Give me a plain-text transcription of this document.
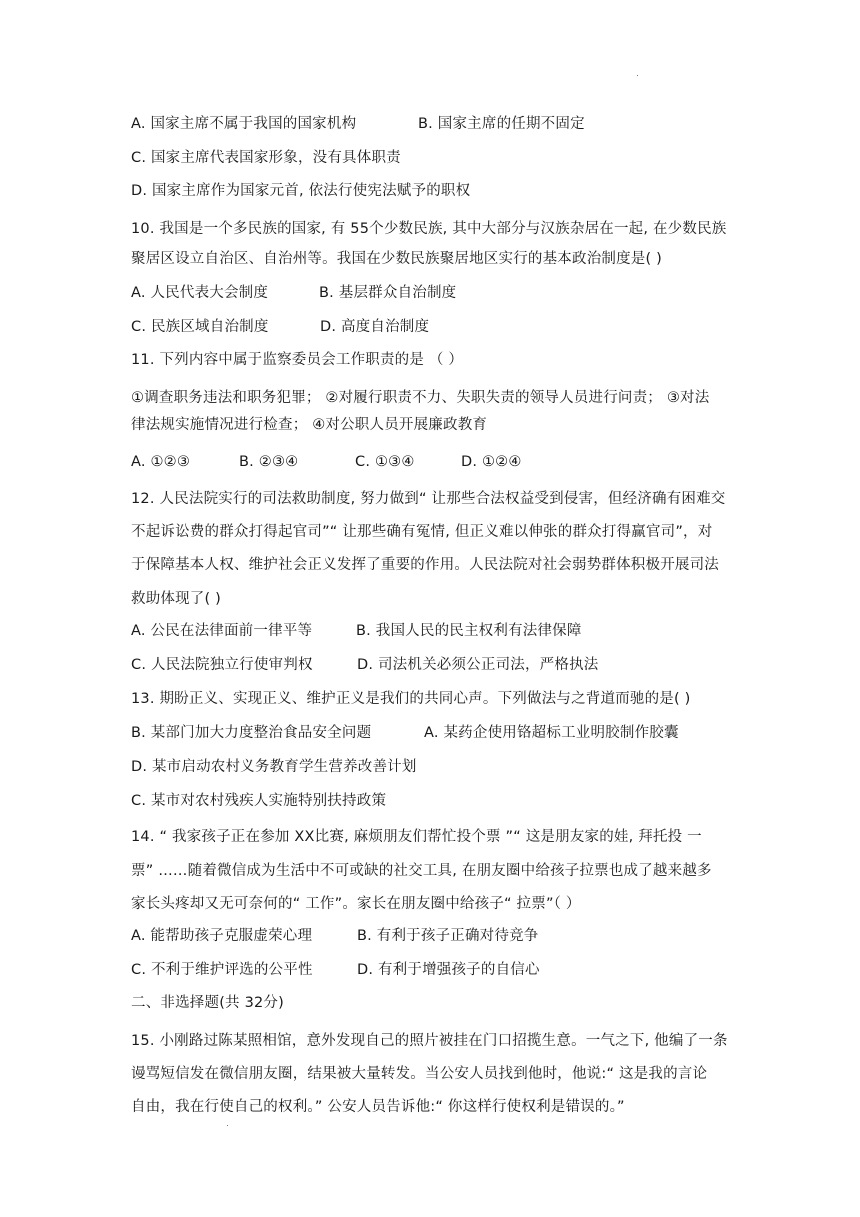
A. 国家主席不属于我国的国家机构	B. 国家主席的任期不固定
C. 国家主席代表国家形象，没有具体职责
D. 国家主席作为国家元首, 依法行使宪法赋予的职权
10. 我国是一个多民族的国家, 有 55个少数民族, 其中大部分与汉族杂居在一起, 在少数民族
聚居区设立自治区、自治州等。我国在少数民族聚居地区实行的基本政治制度是( )
A. 人民代表大会制度	B. 基层群众自治制度
C. 民族区域自治制度	D. 高度自治制度
11. 下列内容中属于监察委员会工作职责的是 （ ）
①调查职务违法和职务犯罪； ②对履行职责不力、失职失责的领导人员进行问责； ③对法
律法规实施情况进行检查； ④对公职人员开展廉政教育
A. ①②③	B. ②③④	C. ①③④	D. ①②④
12. 人民法院实行的司法救助制度, 努力做到“ 让那些合法权益受到侵害，但经济确有困难交
不起诉讼费的群众打得起官司”“ 让那些确有冤情, 但正义难以伸张的群众打得赢官司”，对
于保障基本人权、维护社会正义发挥了重要的作用。人民法院对社会弱势群体积极开展司法
救助体现了( )
A. 公民在法律面前一律平等	B. 我国人民的民主权利有法律保障
C. 人民法院独立行使审判权	D. 司法机关必须公正司法，严格执法
13. 期盼正义、实现正义、维护正义是我们的共同心声。下列做法与之背道而驰的是( )
B. 某部门加大力度整治食品安全问题	A. 某药企使用铬超标工业明胶制作胶囊
D. 某市启动农村义务教育学生营养改善计划
C. 某市对农村残疾人实施特别扶持政策
14. “ 我家孩子正在参加 XX比赛, 麻烦朋友们帮忙投个票 ”“ 这是朋友家的娃, 拜托投 一
票” ……随着微信成为生活中不可或缺的社交工具, 在朋友圈中给孩子拉票也成了越来越多
家长头疼却又无可奈何的“ 工作”。家长在朋友圈中给孩子“ 拉票”（ ）
A. 能帮助孩子克服虚荣心理	B. 有利于孩子正确对待竞争
C. 不利于维护评选的公平性	D. 有利于增强孩子的自信心
二、非选择题(共 32分)
15. 小刚路过陈某照相馆，意外发现自己的照片被挂在门口招揽生意。一气之下, 他编了一条
谩骂短信发在微信朋友圈，结果被大量转发。当公安人员找到他时，他说:“ 这是我的言论
自由，我在行使自己的权利。” 公安人员告诉他:“ 你这样行使权利是错误的。”
